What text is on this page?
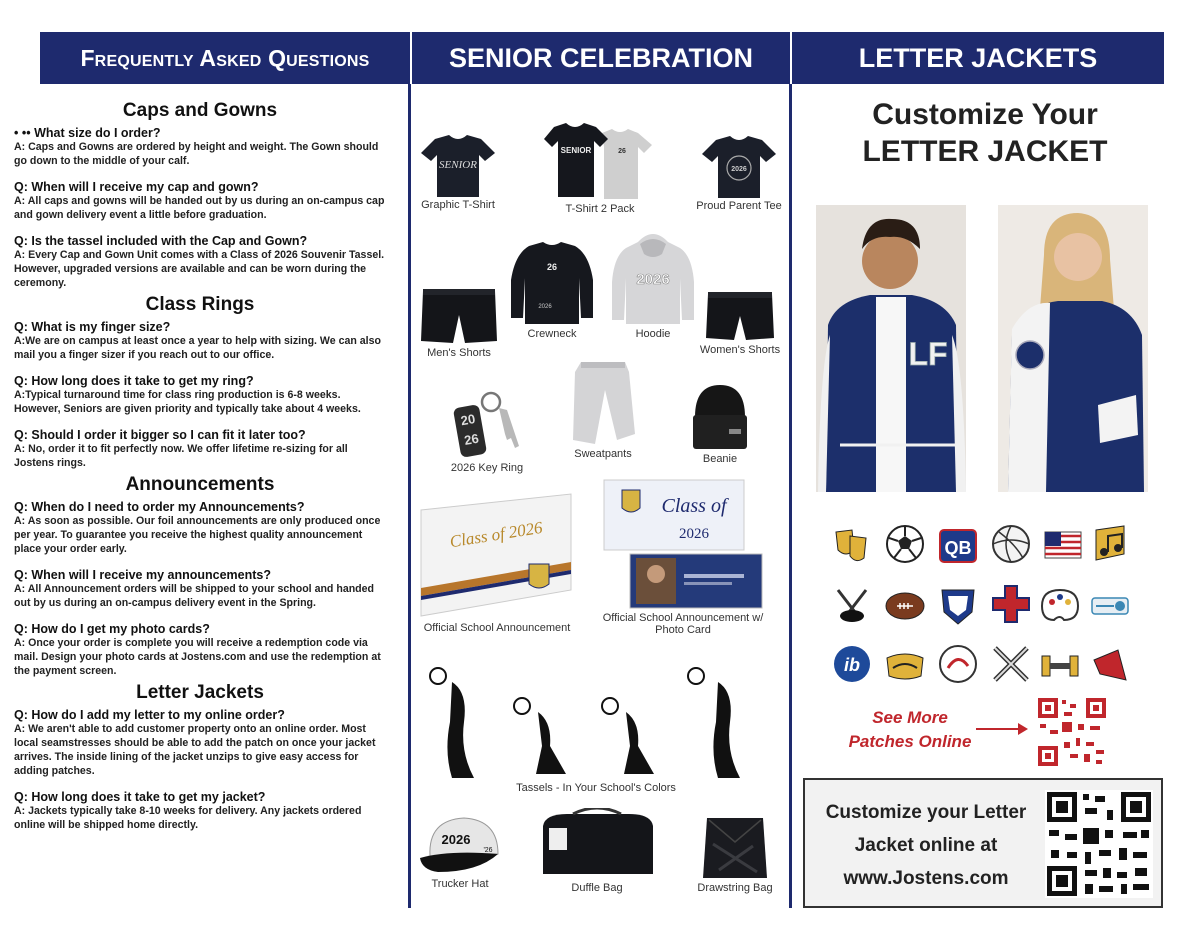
Frequently Asked Questions	SENIOR CELEBRATION	LETTER JACKETS
Caps and Gowns
• •• What size do I order?
A: Caps and Gowns are ordered by height and weight. The Gown should go down to the middle of your calf.
Q: When will I receive my cap and gown?
A: All caps and gowns will be handed out by us during an on-campus cap and gown delivery event a little before graduation.
Q: Is the tassel included with the Cap and Gown?
A: Every Cap and Gown Unit comes with a Class of 2026 Souvenir Tassel. However, upgraded versions are available and can be worn during the ceremony.
Class Rings
Q: What is my finger size?
A:We are on campus at least once a year to help with sizing. We can also mail you a finger sizer if you reach out to our office.
Q: How long does it take to get my ring?
A:Typical turnaround time for class ring production is 6-8 weeks. However, Seniors are given priority and typically take about 4 weeks.
Q: Should I order it bigger so I can fit it later too?
A: No, order it to fit perfectly now. We offer lifetime re-sizing for all Jostens rings.
Announcements
Q: When do I need to order my Announcements?
A: As soon as possible. Our foil announcements are only produced once per year. To guarantee you receive the highest quality announcement place your order early.
Q: When will I receive my announcements?
A: All Announcement orders will be shipped to your school and handed out by us during an on-campus delivery event in the Spring.
Q: How do I get my photo cards?
A: Once your order is complete you will receive a redemption code via mail. Design your photo cards at Jostens.com and use the redemption at the payment screen.
Letter Jackets
Q: How do I add my letter to my online order?
A: We aren't able to add customer property onto an online order. Most local seamstresses should be able to add the patch on once your jacket arrives. The inside lining of the jacket unzips to give easy access for adding patches.
Q: How long does it take to get my jacket?
A: Jackets typically take 8-10 weeks for delivery. Any jackets ordered online will be shipped home directly.
SENIOR
Graphic T-Shirt
SENIOR	26
T-Shirt 2 Pack
2026
Proud Parent Tee
Men's Shorts
26
2026
Crewneck
2026
Hoodie
Women's Shorts
20
26
2026 Key Ring
Sweatpants	Beanie
Class of 2026
Official School Announcement
Class of
2026
Official School Announcement w/ Photo Card
Tassels - In Your School's Colors
2026
'26
Trucker Hat	Duffle Bag	Drawstring Bag
Customize Your
LETTER JACKET
LF
QB
ib
See More Patches Online
Customize your Letter Jacket online at www.Jostens.com
